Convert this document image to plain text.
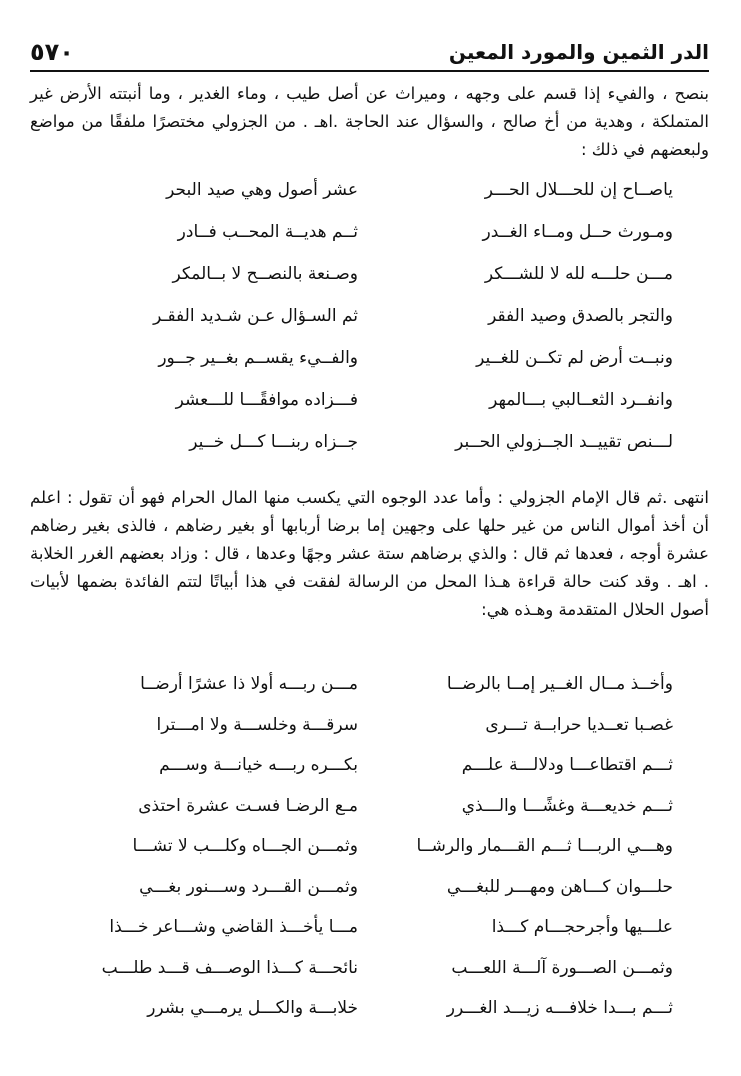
٥٧٠	الدر الثمين والمورد المعين

بنصح ، والفيء إذا قسم على وجهه ، وميراث عن أصل طيب ، وماء الغدير ، وما أنبتته الأرض غير المتملكة ، وهدية من أخ صالح ، والسؤال عند الحاجة .اهـ . من الجزولي مختصرًا ملفقًا من مواضع ولبعضهم في ذلك :

ياصــاح إن للحـــلال الحـــر
عشر أصول وهي صيد البحر
ومـورث حــل ومــاء الغــدر
ثــم هديــة المحــب فــادر
مـــن حلـــه لله لا للشـــكر
وصـنعة بالنصــح لا بــالمكر
والتجر بالصدق وصيد الفقر
ثم السـؤال عـن شـديد الفقـر
ونبــت أرض لم تكــن للغــير
والفــيء يقســم بغــير جــور
وانفــرد الثعــالبي بـــالمهر
فـــزاده موافقًـــا للـــعشر
لـــنص تقييــد الجــزولي الحــبر
جــزاه ربنـــا كـــل خــير

انتهى .ثم قال الإمام الجزولي : وأما عدد الوجوه التي يكسب منها المال الحرام فهو أن تقول : اعلم أن أخذ أموال الناس من غير حلها على وجهين إما برضا أربابها أو بغير رضاهم ، فالذى بغير رضاهم عشرة أوجه ، فعدها ثم قال : والذي برضاهم ستة عشر وجهًا وعدها ، قال : وزاد بعضهم الغرر الخلابة . اهـ . وقد كنت حالة قراءة هـذا المحل من الرسالة لفقت في هذا أبياتًا لتتم الفائدة بضمها لأبيات أصول الحلال المتقدمة وهـذه هي:

وأخــذ مــال الغــير إمــا بالرضــا
مـــن ربـــه أولا ذا عشرًا أرضــا
غصـبا تعــديا حرابــة تـــرى
سرقـــة وخلســـة ولا امـــترا
ثـــم اقتطاعـــا ودلالـــة علـــم
بكـــره ربـــه خيانـــة وســـم
ثـــم خديعـــة وغشًـــا والـــذي
مـع الرضـا فسـت عشرة احتذى
وهـــي الربـــا ثـــم القـــمار والرشــا
وثمـــن الجـــاه وكلـــب لا تشـــا
حلـــوان كـــاهن ومهـــر للبغـــي
وثمـــن القـــرد وســـنور بغـــي
علـــيها وأجرحجـــام كـــذا
مـــا يأخـــذ القاضي وشـــاعر خـــذا
وثمـــن الصـــورة آلـــة اللعـــب
نائحـــة كـــذا الوصـــف قـــد طلـــب
ثـــم بـــدا خلافـــه زيـــد الغـــرر
خلابـــة والكـــل يرمـــي بشرر
